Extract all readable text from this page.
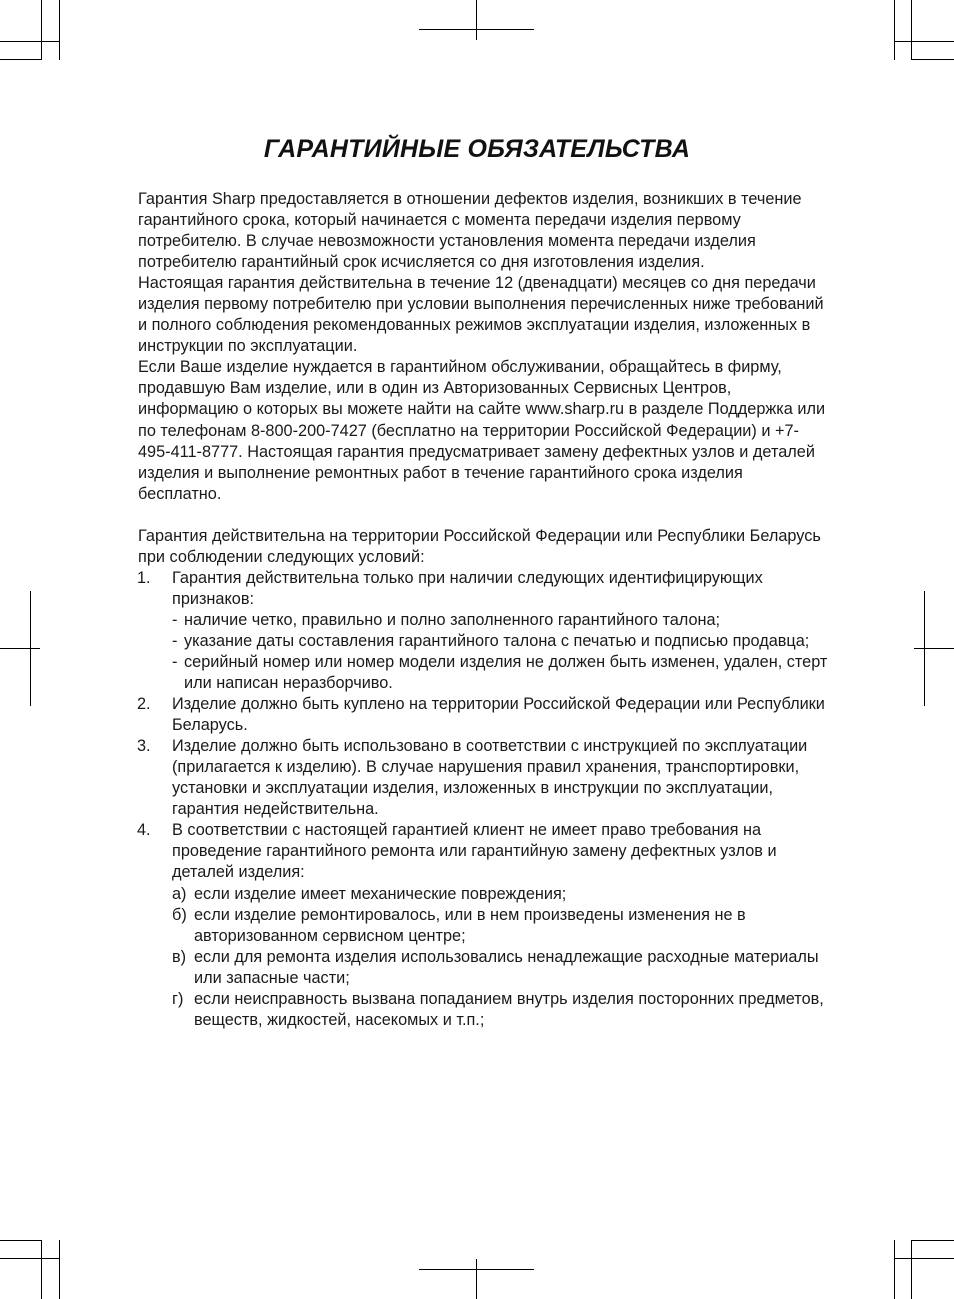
ГАРАНТИЙНЫЕ ОБЯЗАТЕЛЬСТВА

Гарантия Sharp предоставляется в отношении дефектов изделия, возникших в течение гарантийного срока, который начинается с момента передачи изделия первому потребителю. В случае невозможности установления момента передачи изделия потребителю гарантийный срок исчисляется со дня изготовления изделия.

Настоящая гарантия действительна в течение 12 (двенадцати) месяцев со дня передачи изделия первому потребителю при условии выполнения перечисленных ниже требований и полного соблюдения рекомендованных режимов эксплуатации изделия, изложенных в инструкции по эксплуатации.

Если Ваше изделие нуждается в гарантийном обслуживании, обращайтесь в фирму, продавшую Вам изделие, или в один из Авторизованных Сервисных Центров, информацию о которых вы можете найти на сайте www.sharp.ru в разделе Поддержка или по телефонам 8-800-200-7427 (бесплатно на территории Российской Федерации) и +7-495-411-8777. Настоящая гарантия предусматривает замену дефектных узлов и деталей изделия и выполнение ремонтных работ в течение гарантийного срока изделия бесплатно.

Гарантия действительна на территории Российской Федерации или Республики Беларусь при соблюдении следующих условий:

1. Гарантия действительна только при наличии следующих идентифицирующих признаков:

- наличие четко, правильно и полно заполненного гарантийного талона;
- указание даты составления гарантийного талона с печатью и подписью продавца;
- серийный номер или номер модели изделия не должен быть изменен, удален, стерт или написан неразборчиво.
2. Изделие должно быть куплено на территории Российской Федерации или Республики Беларусь.

3. Изделие должно быть использовано в соответствии с инструкцией по эксплуатации (прилагается к изделию). В случае нарушения правил хранения, транспортировки, установки и эксплуатации изделия, изложенных в инструкции по эксплуатации, гарантия недействительна.

4. В соответствии с настоящей гарантией клиент не имеет право требования на проведение гарантийного ремонта или гарантийную замену дефектных узлов и деталей изделия:

а) если изделие имеет механические повреждения;
б) если изделие ремонтировалось, или в нем произведены изменения не в авторизованном сервисном центре;
в) если для ремонта изделия использовались ненадлежащие расходные материалы или запасные части;
г) если неисправность вызвана попаданием внутрь изделия посторонних предметов, веществ, жидкостей, насекомых и т.п.;
